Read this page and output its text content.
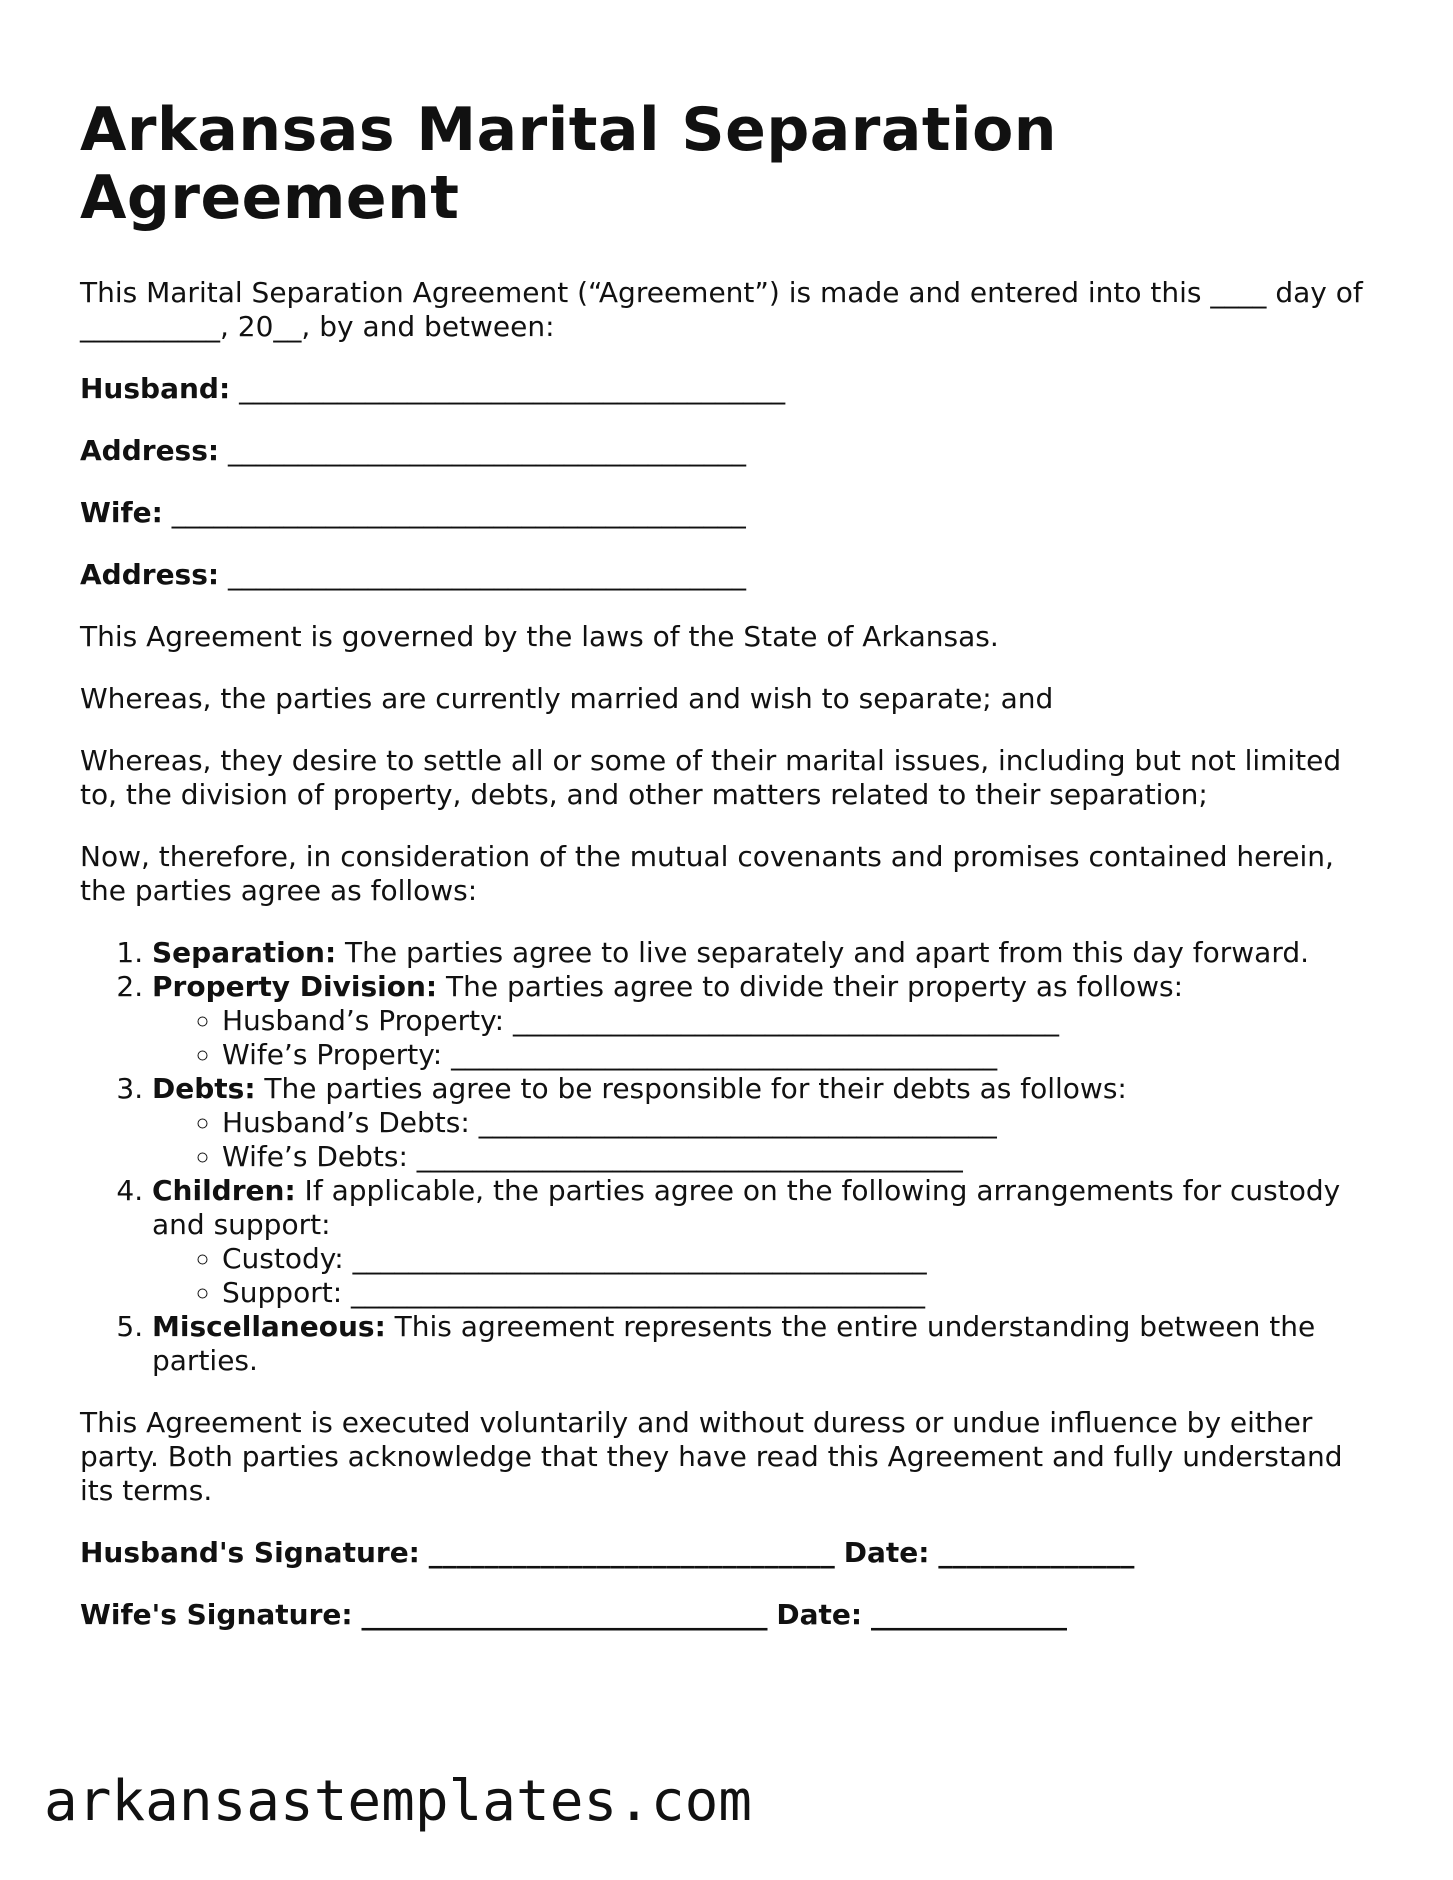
Arkansas Marital Separation Agreement

This Marital Separation Agreement (“Agreement”) is made and entered into this ____ day of __________, 20__, by and between:

Husband: _______________________________________

Address: _____________________________________

Wife: _________________________________________

Address: _____________________________________

This Agreement is governed by the laws of the State of Arkansas.

Whereas, the parties are currently married and wish to separate; and

Whereas, they desire to settle all or some of their marital issues, including but not limited to, the division of property, debts, and other matters related to their separation;

Now, therefore, in consideration of the mutual covenants and promises contained herein, the parties agree as follows:

1. Separation: The parties agree to live separately and apart from this day forward.
2. Property Division: The parties agree to divide their property as follows:
◦ Husband’s Property: _______________________________________
◦ Wife’s Property: _______________________________________
3. Debts: The parties agree to be responsible for their debts as follows:
◦ Husband’s Debts: _____________________________________
◦ Wife’s Debts: _______________________________________
4. Children: If applicable, the parties agree on the following arrangements for custody and support:
◦ Custody: _________________________________________
◦ Support: _________________________________________
5. Miscellaneous: This agreement represents the entire understanding between the parties.

This Agreement is executed voluntarily and without duress or undue influence by either party. Both parties acknowledge that they have read this Agreement and fully understand its terms.

Husband's Signature: _____________________________ Date: ______________

Wife's Signature: _____________________________ Date: ______________

arkansastemplates.com
